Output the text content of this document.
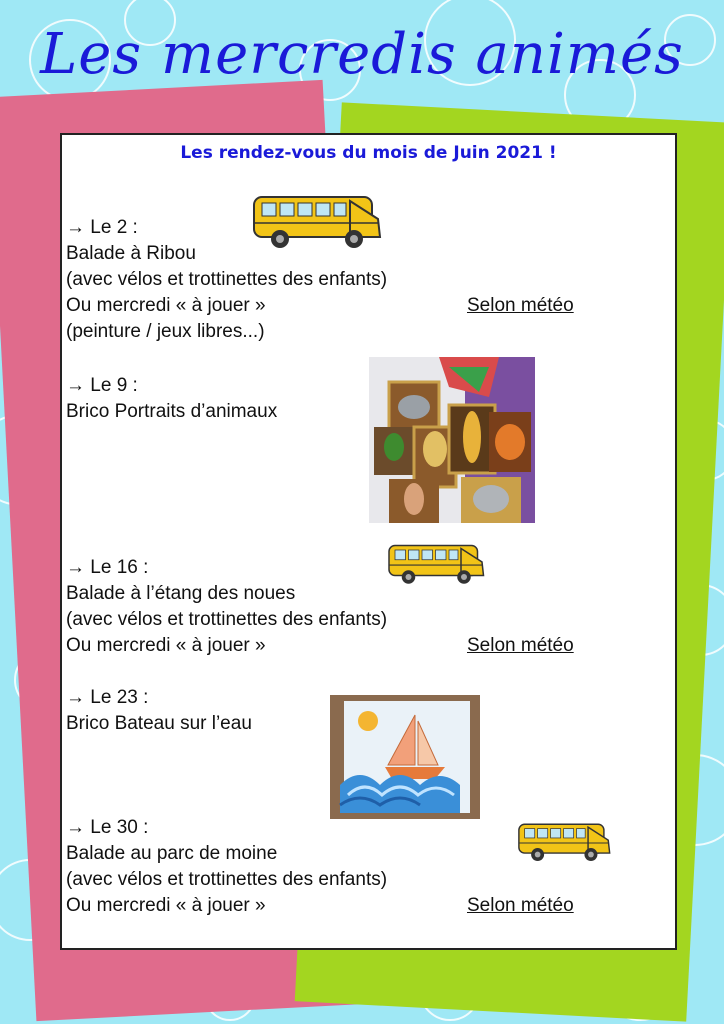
Les mercredis animés
Les rendez-vous du mois de Juin 2021 !
→ Le 2 :
Balade à Ribou
(avec vélos et trottinettes des enfants)
Ou mercredi « à jouer »	Selon météo
(peinture / jeux libres...)
→ Le 9 :
Brico Portraits d’animaux
→ Le 16 :
Balade à l’étang des noues
(avec vélos et trottinettes des enfants)
Ou mercredi « à jouer »	Selon météo
→ Le 23 :
Brico Bateau sur l’eau
→ Le 30 :
Balade au parc de moine
(avec vélos et trottinettes des enfants)
Ou mercredi « à jouer »	Selon météo
